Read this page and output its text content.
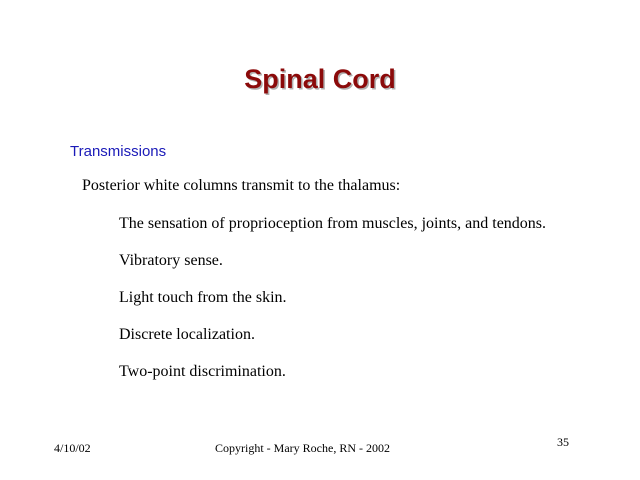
Spinal Cord
Transmissions
Posterior white columns transmit to the thalamus:
The sensation of proprioception from muscles, joints, and tendons.
Vibratory sense.
Light touch from the skin.
Discrete localization.
Two-point discrimination.
4/10/02	Copyright - Mary Roche, RN - 2002	35
